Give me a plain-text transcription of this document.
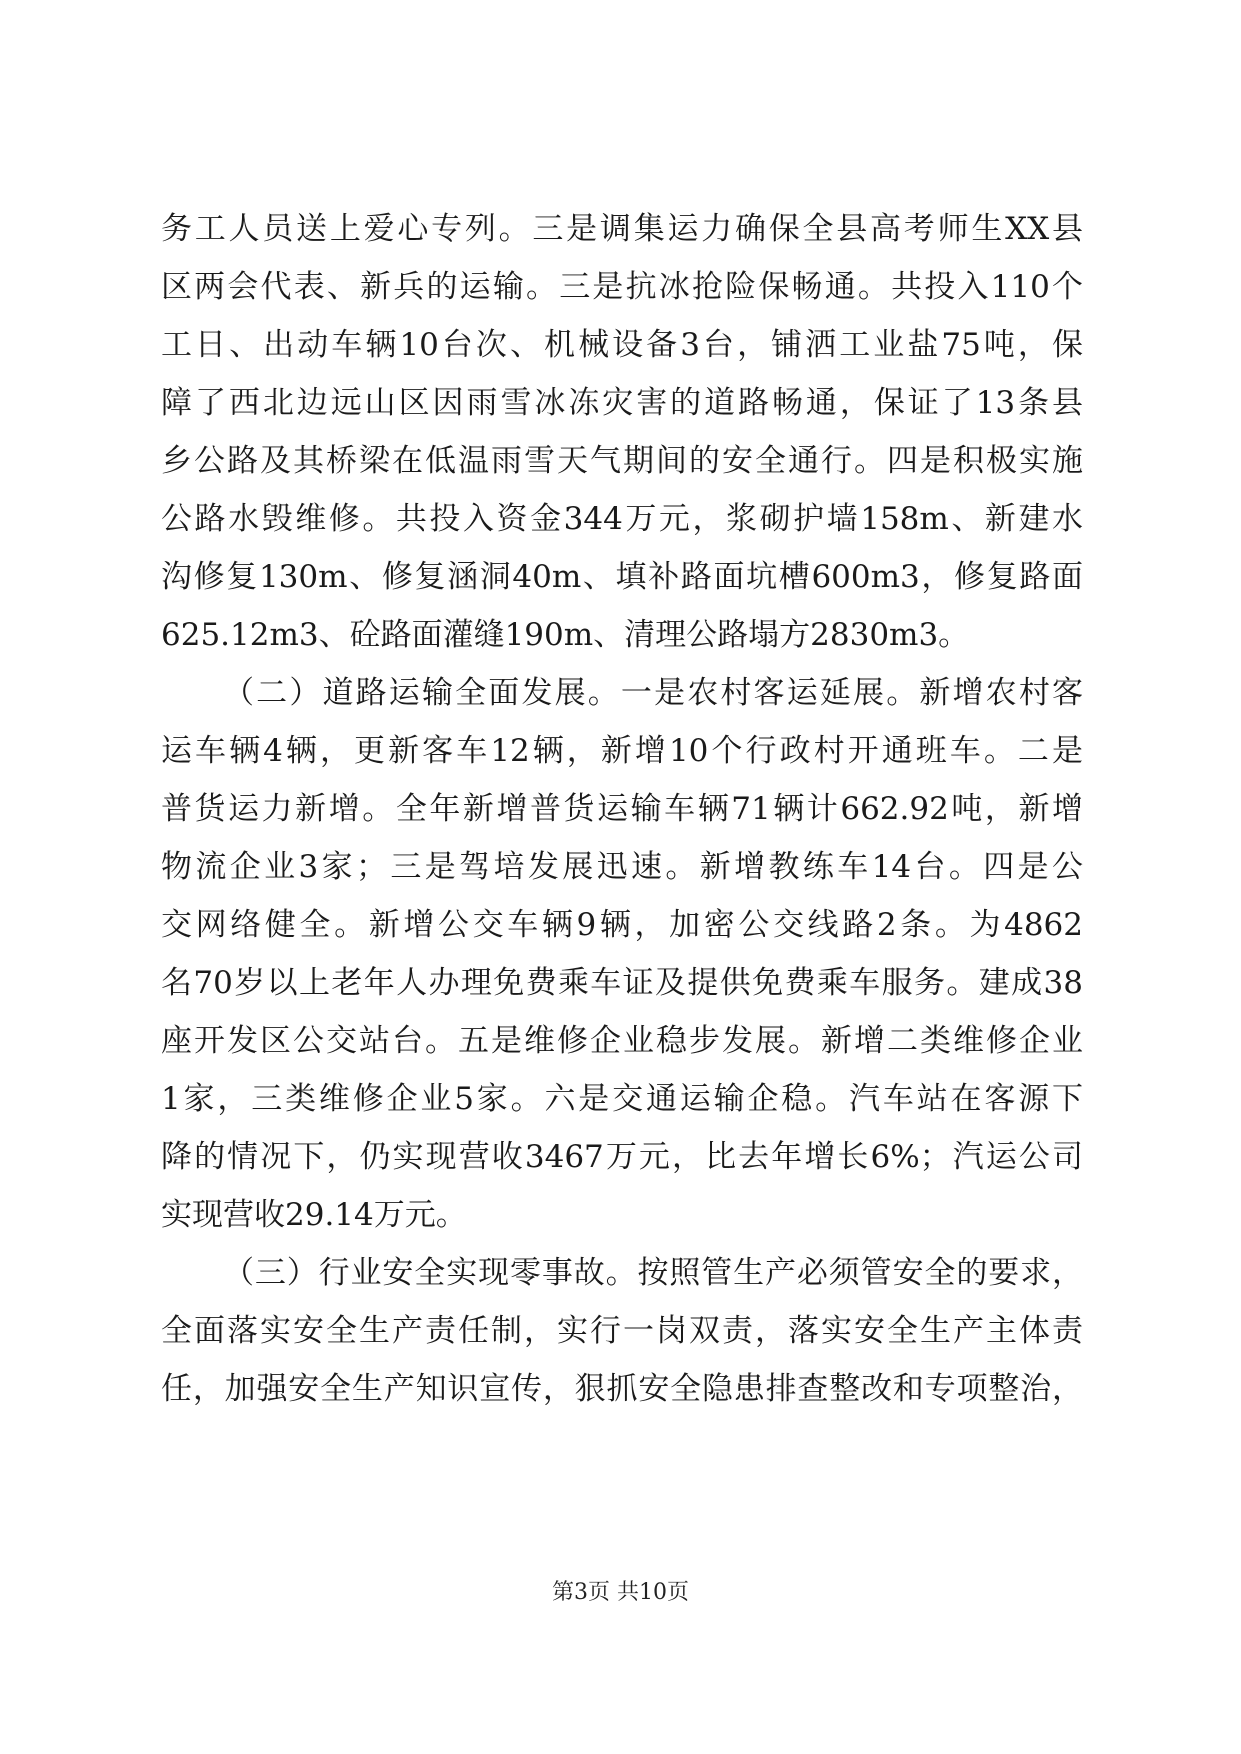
务工人员送上爱心专列。三是调集运力确保全县高考师生XX县
区两会代表、新兵的运输。三是抗冰抢险保畅通。共投入110个
工日、出动车辆10台次、机械设备3台，铺洒工业盐75吨，保
障了西北边远山区因雨雪冰冻灾害的道路畅通，保证了13条县
乡公路及其桥梁在低温雨雪天气期间的安全通行。四是积极实施
公路水毁维修。共投入资金344万元，浆砌护墙158m、新建水
沟修复130m、修复涵洞40m、填补路面坑槽600m3，修复路面
625.12m3、砼路面灌缝190m、清理公路塌方2830m3。
（二）道路运输全面发展。一是农村客运延展。新增农村客
运车辆4辆，更新客车12辆，新增10个行政村开通班车。二是
普货运力新增。全年新增普货运输车辆71辆计662.92吨，新增
物流企业3家；三是驾培发展迅速。新增教练车14台。四是公
交网络健全。新增公交车辆9辆，加密公交线路2条。为4862
名70岁以上老年人办理免费乘车证及提供免费乘车服务。建成38
座开发区公交站台。五是维修企业稳步发展。新增二类维修企业
1家，三类维修企业5家。六是交通运输企稳。汽车站在客源下
降的情况下，仍实现营收3467万元，比去年增长6%；汽运公司
实现营收29.14万元。
（三）行业安全实现零事故。按照管生产必须管安全的要求，
全面落实安全生产责任制，实行一岗双责，落实安全生产主体责
任，加强安全生产知识宣传，狠抓安全隐患排查整改和专项整治，
第3页 共10页
